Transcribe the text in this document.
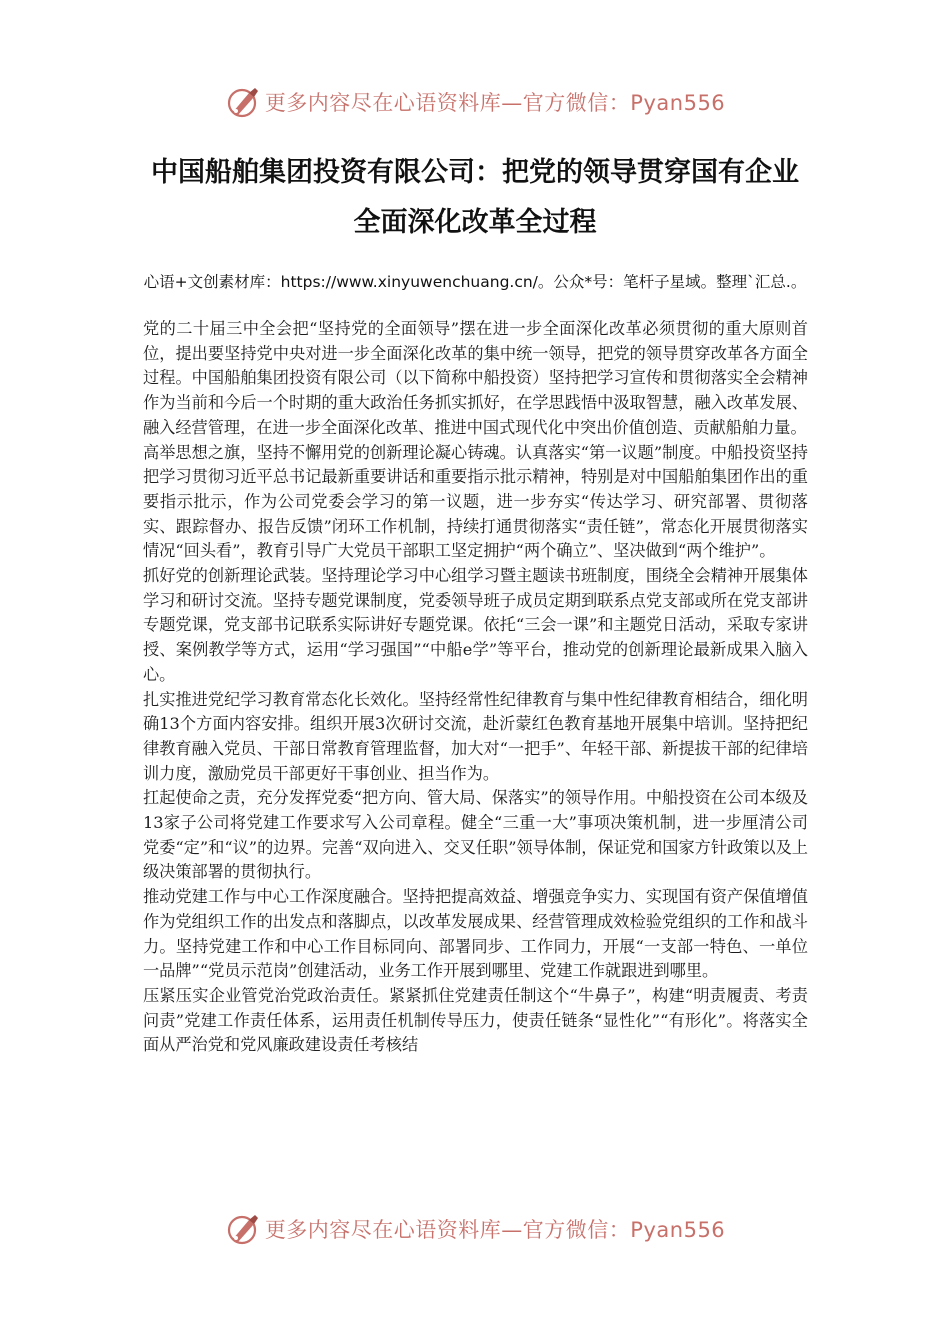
更多内容尽在心语资料库—官方微信：Pyan556
中国船舶集团投资有限公司：把党的领导贯穿国有企业全面深化改革全过程

心语+文创素材库：https://www.xinyuwenchuang.cn/。公众*号：笔杆子星域。整理`汇总.。

党的二十届三中全会把“坚持党的全面领导”摆在进一步全面深化改革必须贯彻的重大原则首位，提出要坚持党中央对进一步全面深化改革的集中统一领导，把党的领导贯穿改革各方面全过程。中国船舶集团投资有限公司（以下简称中船投资）坚持把学习宣传和贯彻落实全会精神作为当前和今后一个时期的重大政治任务抓实抓好，在学思践悟中汲取智慧，融入改革发展、融入经营管理，在进一步全面深化改革、推进中国式现代化中突出价值创造、贡献船舶力量。

高举思想之旗，坚持不懈用党的创新理论凝心铸魂。认真落实“第一议题”制度。中船投资坚持把学习贯彻习近平总书记最新重要讲话和重要指示批示精神，特别是对中国船舶集团作出的重要指示批示，作为公司党委会学习的第一议题，进一步夯实“传达学习、研究部署、贯彻落实、跟踪督办、报告反馈”闭环工作机制，持续打通贯彻落实“责任链”，常态化开展贯彻落实情况“回头看”，教育引导广大党员干部职工坚定拥护“两个确立”、坚决做到“两个维护”。

抓好党的创新理论武装。坚持理论学习中心组学习暨主题读书班制度，围绕全会精神开展集体学习和研讨交流。坚持专题党课制度，党委领导班子成员定期到联系点党支部或所在党支部讲专题党课，党支部书记联系实际讲好专题党课。依托“三会一课”和主题党日活动，采取专家讲授、案例教学等方式，运用“学习强国”“中船e学”等平台，推动党的创新理论最新成果入脑入心。

扎实推进党纪学习教育常态化长效化。坚持经常性纪律教育与集中性纪律教育相结合，细化明确13个方面内容安排。组织开展3次研讨交流，赴沂蒙红色教育基地开展集中培训。坚持把纪律教育融入党员、干部日常教育管理监督，加大对“一把手”、年轻干部、新提拔干部的纪律培训力度，激励党员干部更好干事创业、担当作为。

扛起使命之责，充分发挥党委“把方向、管大局、保落实”的领导作用。中船投资在公司本级及13家子公司将党建工作要求写入公司章程。健全“三重一大”事项决策机制，进一步厘清公司党委“定”和“议”的边界。完善“双向进入、交叉任职”领导体制，保证党和国家方针政策以及上级决策部署的贯彻执行。

推动党建工作与中心工作深度融合。坚持把提高效益、增强竞争实力、实现国有资产保值增值作为党组织工作的出发点和落脚点，以改革发展成果、经营管理成效检验党组织的工作和战斗力。坚持党建工作和中心工作目标同向、部署同步、工作同力，开展“一支部一特色、一单位一品牌”“党员示范岗”创建活动，业务工作开展到哪里、党建工作就跟进到哪里。

压紧压实企业管党治党政治责任。紧紧抓住党建责任制这个“牛鼻子”，构建“明责履责、考责问责”党建工作责任体系，运用责任机制传导压力，使责任链条“显性化”“有形化”。将落实全面从严治党和党风廉政建设责任考核结

更多内容尽在心语资料库—官方微信：Pyan556
